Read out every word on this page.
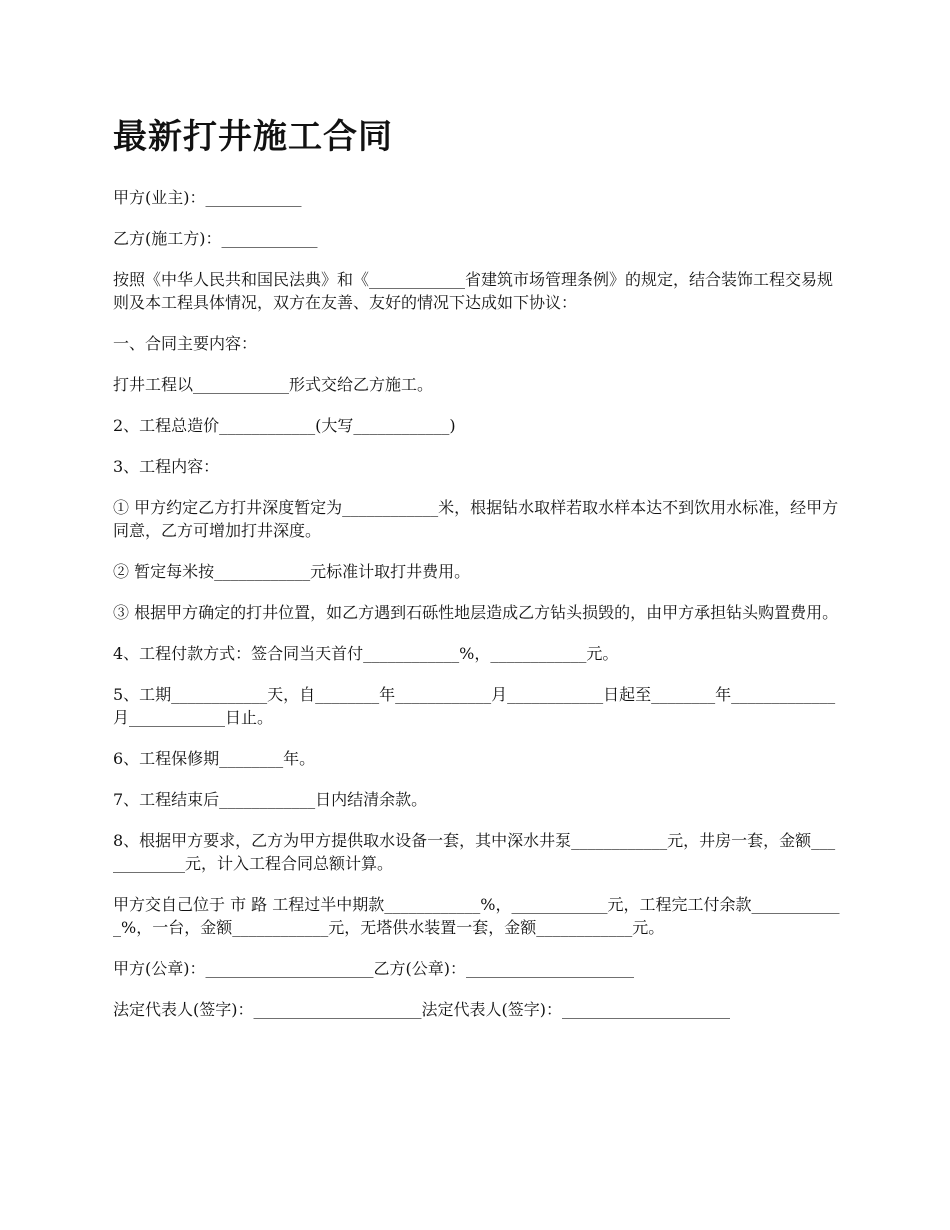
最新打井施工合同

甲方(业主)：____________

乙方(施工方)：____________

按照《中华人民共和国民法典》和《____________省建筑市场管理条例》的规定，结合装饰工程交易规则及本工程具体情况，双方在友善、友好的情况下达成如下协议：

一、合同主要内容：

打井工程以____________形式交给乙方施工。

2、工程总造价____________(大写____________)

3、工程内容：

① 甲方约定乙方打井深度暂定为____________米，根据钻水取样若取水样本达不到饮用水标准，经甲方同意，乙方可增加打井深度。

② 暂定每米按____________元标准计取打井费用。

③ 根据甲方确定的打井位置，如乙方遇到石砾性地层造成乙方钻头损毁的，由甲方承担钻头购置费用。

4、工程付款方式：签合同当天首付____________%，____________元。

5、工期____________天，自________年____________月____________日起至________年_____________月____________日止。

6、工程保修期________年。

7、工程结束后____________日内结清余款。

8、根据甲方要求，乙方为甲方提供取水设备一套，其中深水井泵____________元，井房一套，金额____________元，计入工程合同总额计算。

甲方交自己位于 市 路 工程过半中期款____________%，____________元，工程完工付余款____________%，一台，金额____________元，无塔供水装置一套，金额____________元。

甲方(公章)：_____________________乙方(公章)：_____________________

法定代表人(签字)：_____________________法定代表人(签字)：_____________________
